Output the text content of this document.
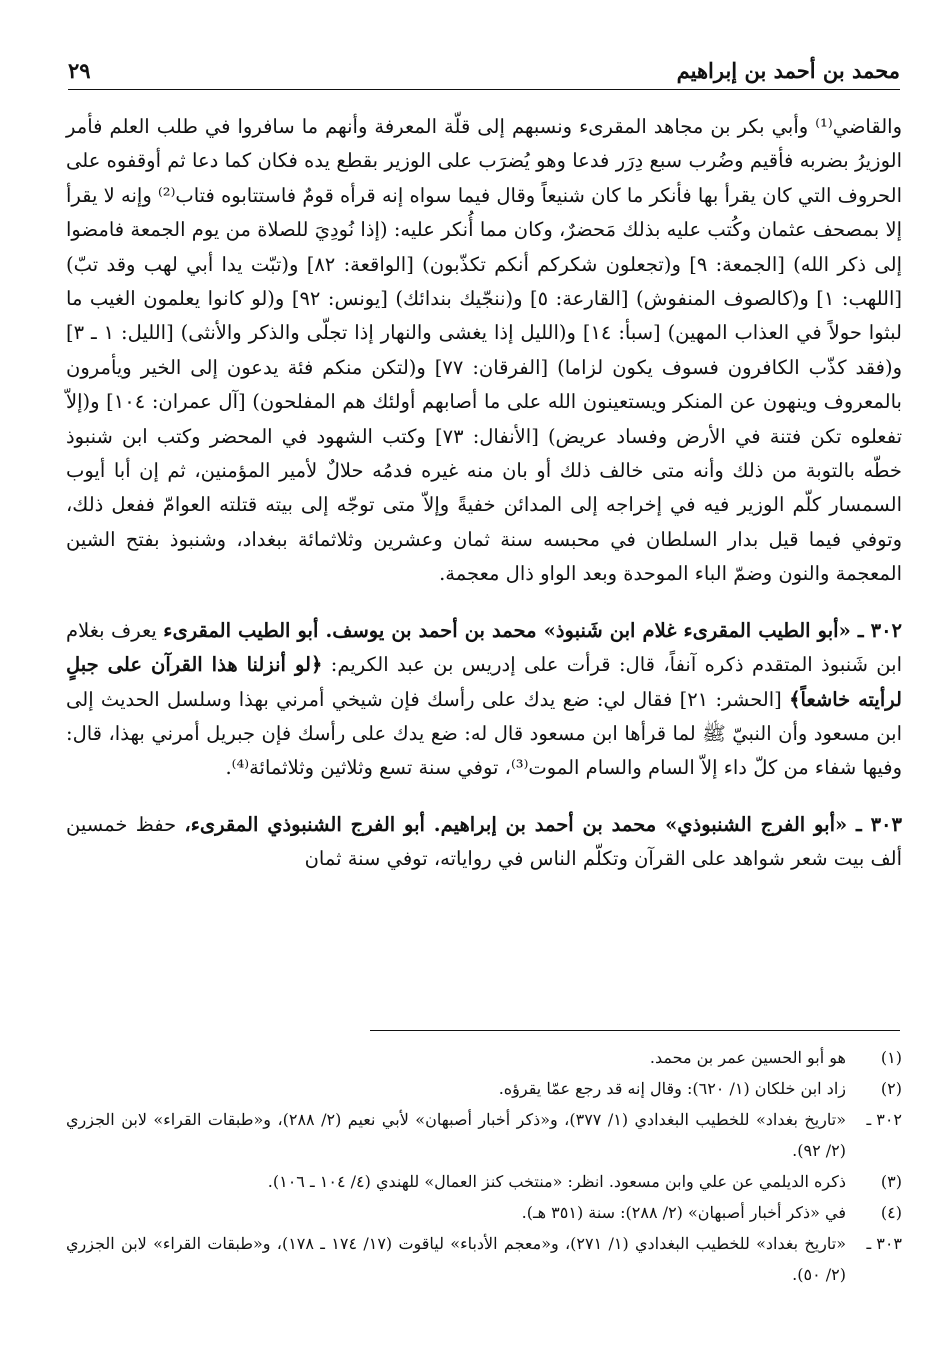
محمد بن أحمد بن إبراهيم
٢٩

والقاضي⁽¹⁾ وأبي بكر بن مجاهد المقرىء ونسبهم إلى قلّة المعرفة وأنهم ما سافروا في طلب العلم فأمر الوزيرُ بضربه فأقيم وضُرب سبع دِرَر فدعا وهو يُضرَب على الوزير بقطع يده فكان كما دعا ثم أوقفوه على الحروف التي كان يقرأ بها فأنكر ما كان شنيعاً وقال فيما سواه إنه قرأه قومٌ فاستتابوه فتاب⁽²⁾ وإنه لا يقرأ إلا بمصحف عثمان وكُتب عليه بذلك مَحضرٌ، وكان مما أُنكر عليه: (إذا نُودِيَ للصلاة من يوم الجمعة فامضوا إلى ذكر الله) [الجمعة: ٩] و(تجعلون شكركم أنكم تكذّبون) [الواقعة: ٨٢] و(تبّت يدا أبي لهب وقد تبّ) [اللهب: ١] و(كالصوف المنفوش) [القارعة: ٥] و(ننجّيك بندائك) [يونس: ٩٢] و(لو كانوا يعلمون الغيب ما لبثوا حولاً في العذاب المهين) [سبأ: ١٤] و(الليل إذا يغشى والنهار إذا تجلّى والذكر والأنثى) [الليل: ١ ـ ٣] و(فقد كذّب الكافرون فسوف يكون لزاما) [الفرقان: ٧٧] و(لتكن منكم فئة يدعون إلى الخير ويأمرون بالمعروف وينهون عن المنكر ويستعينون الله على ما أصابهم أولئك هم المفلحون) [آل عمران: ١٠٤] و(إلاّ تفعلوه تكن فتنة في الأرض وفساد عريض) [الأنفال: ٧٣] وكتب الشهود في المحضر وكتب ابن شنبوذ خطّه بالتوبة من ذلك وأنه متى خالف ذلك أو بان منه غيره فدمُه حلالٌ لأمير المؤمنين، ثم إن أبا أيوب السمسار كلّم الوزير فيه في إخراجه إلى المدائن خفيةً وإلاّ متى توجّه إلى بيته قتلته العوامّ ففعل ذلك، وتوفي فيما قيل بدار السلطان في محبسه سنة ثمان وعشرين وثلاثمائة ببغداد، وشنبوذ بفتح الشين المعجمة والنون وضمّ الباء الموحدة وبعد الواو ذال معجمة.

٣٠٢ ـ «أبو الطيب المقرىء غلام ابن شَنبوذ» محمد بن أحمد بن يوسف. أبو الطيب المقرىء يعرف بغلام ابن شَنبوذ المتقدم ذكره آنفاً، قال: قرأت على إدريس بن عبد الكريم: ﴿لو أنزلنا هذا القرآن على جبلٍ لرأيته خاشعاً﴾ [الحشر: ٢١] فقال لي: ضع يدك على رأسك فإن شيخي أمرني بهذا وسلسل الحديث إلى ابن مسعود وأن النبيّ ﷺ لما قرأها ابن مسعود قال له: ضع يدك على رأسك فإن جبريل أمرني بهذا، قال: وفيها شفاء من كلّ داء إلاّ السام والسام الموت⁽³⁾، توفي سنة تسع وثلاثين وثلاثمائة⁽⁴⁾.

٣٠٣ ـ «أبو الفرج الشنبوذي» محمد بن أحمد بن إبراهيم. أبو الفرج الشنبوذي المقرىء، حفظ خمسين ألف بيت شعر شواهد على القرآن وتكلّم الناس في رواياته، توفي سنة ثمان

(١)
هو أبو الحسين عمر بن محمد.

(٢)
زاد ابن خلكان (١/ ٦٢٠): وقال إنه قد رجع عمّا يقرؤه.

٣٠٢ ـ
«تاريخ بغداد» للخطيب البغدادي (١/ ٣٧٧)، و«ذكر أخبار أصبهان» لأبي نعيم (٢/ ٢٨٨)، و«طبقات القراء» لابن الجزري (٢/ ٩٢).

(٣)
ذكره الديلمي عن علي وابن مسعود. انظر: «منتخب كنز العمال» للهندي (٤/ ١٠٤ ـ ١٠٦).

(٤)
في «ذكر أخبار أصبهان» (٢/ ٢٨٨): سنة (٣٥١ هـ).

٣٠٣ ـ
«تاريخ بغداد» للخطيب البغدادي (١/ ٢٧١)، و«معجم الأدباء» لياقوت (١٧/ ١٧٤ ـ ١٧٨)، و«طبقات القراء» لابن الجزري (٢/ ٥٠).
